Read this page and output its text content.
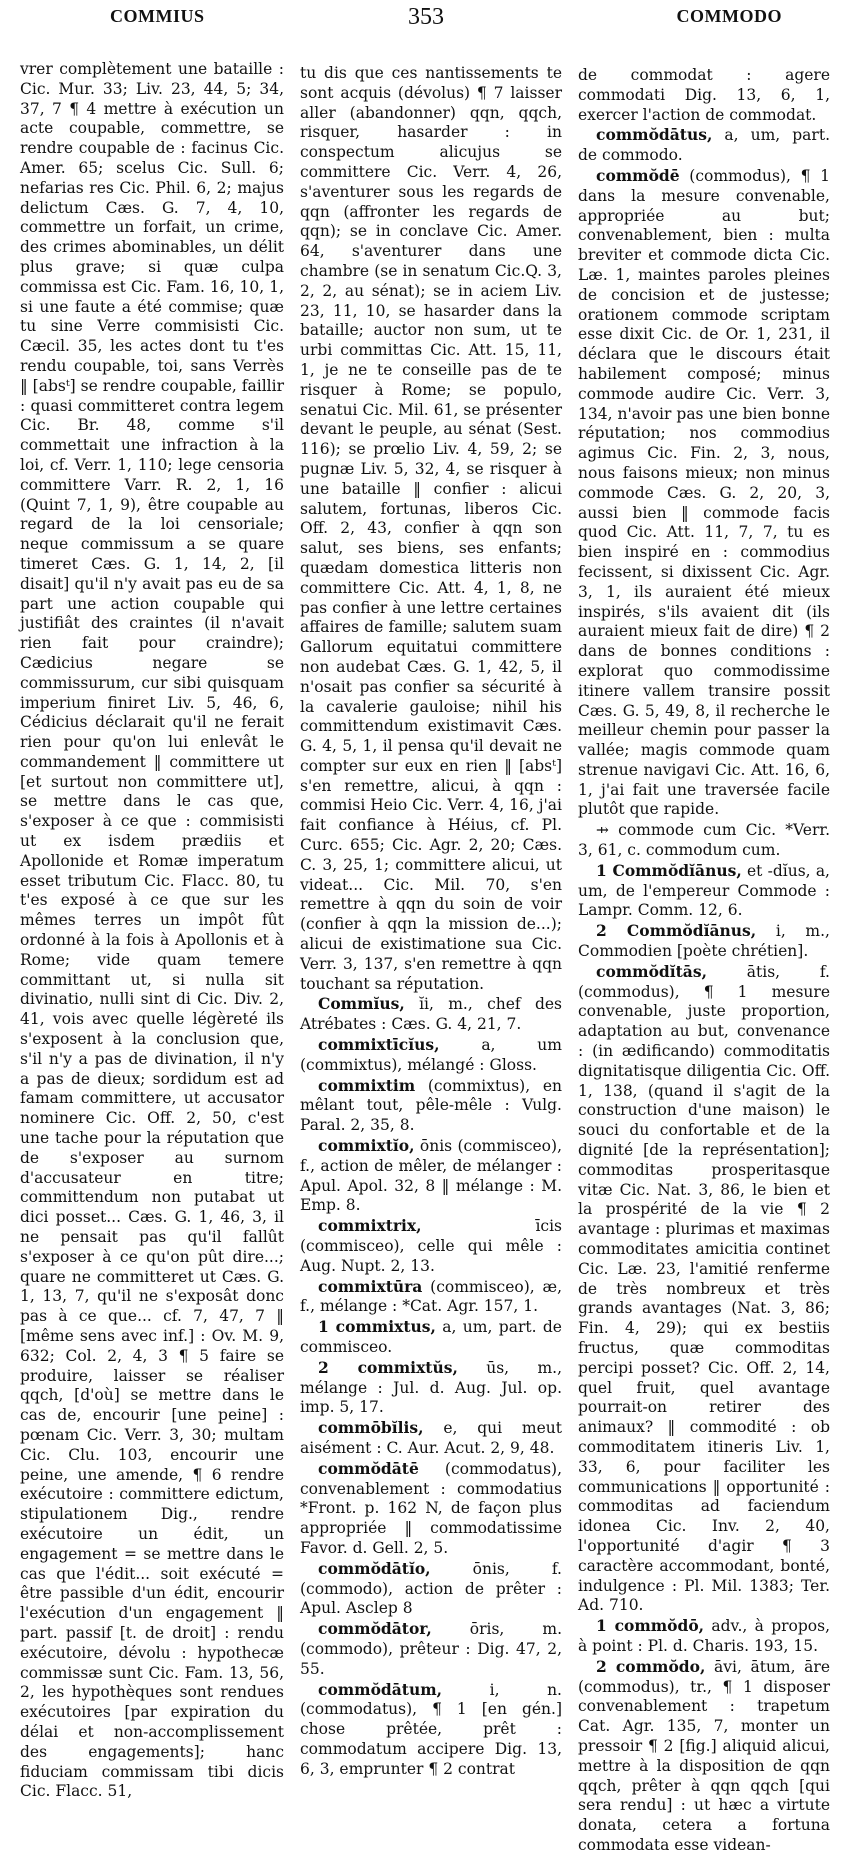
COMMIUS	353	COMMODO

vrer complètement une bataille : Cic. Mur. 33; Liv. 23, 44, 5; 34, 37, 7 ¶ 4 mettre à exécution un acte coupable, commettre, se rendre coupable de : facinus Cic. Amer. 65; scelus Cic. Sull. 6; nefarias res Cic. Phil. 6, 2; majus delictum Cæs. G. 7, 4, 10, commettre un forfait, un crime, des crimes abominables, un délit plus grave; si quæ culpa commissa est Cic. Fam. 16, 10, 1, si une faute a été commise; quæ tu sine Verre commisisti Cic. Cæcil. 35, les actes dont tu t'es rendu coupable, toi, sans Verrès ‖ [absᵗ] se rendre coupable, faillir : quasi committeret contra legem Cic. Br. 48, comme s'il commettait une infraction à la loi, cf. Verr. 1, 110; lege censoria committere Varr. R. 2, 1, 16 (Quint 7, 1, 9), être coupable au regard de la loi censoriale; neque commissum a se quare timeret Cæs. G. 1, 14, 2, [il disait] qu'il n'y avait pas eu de sa part une action coupable qui justifiât des craintes (il n'avait rien fait pour craindre); Cædicius negare se commissurum, cur sibi quisquam imperium finiret Liv. 5, 46, 6, Cédicius déclarait qu'il ne ferait rien pour qu'on lui enlevât le commandement ‖ committere ut [et surtout non committere ut], se mettre dans le cas que, s'exposer à ce que : commisisti ut ex isdem prædiis et Apollonide et Romæ imperatum esset tributum Cic. Flacc. 80, tu t'es exposé à ce que sur les mêmes terres un impôt fût ordonné à la fois à Apollonis et à Rome; vide quam temere committant ut, si nulla sit divinatio, nulli sint di Cic. Div. 2, 41, vois avec quelle légèreté ils s'exposent à la conclusion que, s'il n'y a pas de divination, il n'y a pas de dieux; sordidum est ad famam committere, ut accusator nominere Cic. Off. 2, 50, c'est une tache pour la réputation que de s'exposer au surnom d'accusateur en titre; committendum non putabat ut dici posset... Cæs. G. 1, 46, 3, il ne pensait pas qu'il fallût s'exposer à ce qu'on pût dire...; quare ne committeret ut Cæs. G. 1, 13, 7, qu'il ne s'exposât donc pas à ce que... cf. 7, 47, 7 ‖ [même sens avec inf.] : Ov. M. 9, 632; Col. 2, 4, 3 ¶ 5 faire se produire, laisser se réaliser qqch, [d'où] se mettre dans le cas de, encourir [une peine] : pœnam Cic. Verr. 3, 30; multam Cic. Clu. 103, encourir une peine, une amende, ¶ 6 rendre exécutoire : committere edictum, stipulationem Dig., rendre exécutoire un édit, un engagement = se mettre dans le cas que l'édit... soit exécuté = être passible d'un édit, encourir l'exécution d'un engagement ‖ part. passif [t. de droit] : rendu exécutoire, dévolu : hypothecæ commissæ sunt Cic. Fam. 13, 56, 2, les hypothèques sont rendues exécutoires [par expiration du délai et non-accomplissement des engagements]; hanc fiduciam commissam tibi dicis Cic. Flacc. 51,

tu dis que ces nantissements te sont acquis (dévolus) ¶ 7 laisser aller (abandonner) qqn, qqch, risquer, hasarder : in conspectum alicujus se committere Cic. Verr. 4, 26, s'aventurer sous les regards de qqn (affronter les regards de qqn); se in conclave Cic. Amer. 64, s'aventurer dans une chambre (se in senatum Cic.Q. 3, 2, 2, au sénat); se in aciem Liv. 23, 11, 10, se hasarder dans la bataille; auctor non sum, ut te urbi committas Cic. Att. 15, 11, 1, je ne te conseille pas de te risquer à Rome; se populo, senatui Cic. Mil. 61, se présenter devant le peuple, au sénat (Sest. 116); se prœlio Liv. 4, 59, 2; se pugnæ Liv. 5, 32, 4, se risquer à une bataille ‖ confier : alicui salutem, fortunas, liberos Cic. Off. 2, 43, confier à qqn son salut, ses biens, ses enfants; quædam domestica litteris non committere Cic. Att. 4, 1, 8, ne pas confier à une lettre certaines affaires de famille; salutem suam Gallorum equitatui committere non audebat Cæs. G. 1, 42, 5, il n'osait pas confier sa sécurité à la cavalerie gauloise; nihil his committendum existimavit Cæs. G. 4, 5, 1, il pensa qu'il devait ne compter sur eux en rien ‖ [absᵗ] s'en remettre, alicui, à qqn : commisi Heio Cic. Verr. 4, 16, j'ai fait confiance à Héius, cf. Pl. Curc. 655; Cic. Agr. 2, 20; Cæs. C. 3, 25, 1; committere alicui, ut videat... Cic. Mil. 70, s'en remettre à qqn du soin de voir (confier à qqn la mission de...); alicui de existimatione sua Cic. Verr. 3, 137, s'en remettre à qqn touchant sa réputation.

Commĭus, ĭi, m., chef des Atrébates : Cæs. G. 4, 21, 7.

commixtīcĭus,	a, um (commixtus), mélangé : Gloss.

commixtim (commixtus), en mêlant tout, pêle-mêle : Vulg. Paral. 2, 35, 8.

commixtĭo, ōnis (commisceo), f., action de mêler, de mélanger : Apul. Apol. 32, 8 ‖ mélange : M. Emp. 8.

commixtrix,	īcis (commisceo), celle qui mêle : Aug. Nupt. 2, 13.

commixtūra (commisceo), æ, f., mélange : *Cat. Agr. 157, 1.

1 commixtus, a, um, part. de commisceo.

2 commixtŭs, ūs, m., mélange : Jul. d. Aug. Jul. op. imp. 5, 17.

commōbĭlis, e, qui meut aisément : C. Aur. Acut. 2, 9, 48.

commŏdātē (commodatus), convenablement : commodatius *Front. p. 162 N, de façon plus appropriée ‖ commodatissime Favor. d. Gell. 2, 5.

commŏdātĭo,	ōnis, f. (commodo), action de prêter : Apul. Asclep 8

commŏdātor, ōris, m. (commodo), prêteur : Dig. 47, 2, 55.

commŏdātum,	i, n. (commodatus), ¶ 1 [en gén.] chose prêtée, prêt : commodatum accipere Dig. 13, 6, 3, emprunter ¶ 2 contrat

de commodat : agere commodati Dig. 13, 6, 1, exercer l'action de commodat.

commŏdātus, a, um, part. de commodo.

commŏdē (commodus), ¶ 1 dans la mesure convenable, appropriée au but; convenablement, bien : multa breviter et commode dicta Cic. Læ. 1, maintes paroles pleines de concision et de justesse; orationem commode scriptam esse dixit Cic. de Or. 1, 231, il déclara que le discours était habilement composé; minus commode audire Cic. Verr. 3, 134, n'avoir pas une bien bonne réputation; nos commodius agimus Cic. Fin. 2, 3, nous, nous faisons mieux; non minus commode Cæs. G. 2, 20, 3, aussi bien ‖ commode facis quod Cic. Att. 11, 7, 7, tu es bien inspiré en : commodius fecissent, si dixissent Cic. Agr. 3, 1, ils auraient été mieux inspirés, s'ils avaient dit (ils auraient mieux fait de dire) ¶ 2 dans de bonnes conditions : explorat quo commodissime itinere vallem transire possit Cæs. G. 5, 49, 8, il recherche le meilleur chemin pour passer la vallée; magis commode quam strenue navigavi Cic. Att. 16, 6, 1, j'ai fait une traversée facile plutôt que rapide.

⇸ commode cum Cic. *Verr. 3, 61, c. commodum cum.

1 Commŏdĭānus, et -dĭus, a, um, de l'empereur Commode : Lampr. Comm. 12, 6.

2 Commŏdĭānus, i, m., Commodien [poète chrétien].

commŏdĭtās,	ātis, f. (commodus), ¶ 1 mesure convenable, juste proportion, adaptation au but, convenance : (in ædificando) commoditatis dignitatisque diligentia Cic. Off. 1, 138, (quand il s'agit de la construction d'une maison) le souci du confortable et de la dignité [de la représentation]; commoditas prosperitasque vitæ Cic. Nat. 3, 86, le bien et la prospérité de la vie ¶ 2 avantage : plurimas et maximas commoditates amicitia continet Cic. Læ. 23, l'amitié renferme de très nombreux et très grands avantages (Nat. 3, 86; Fin. 4, 29); qui ex bestiis fructus, quæ commoditas percipi posset? Cic. Off. 2, 14, quel fruit, quel avantage pourrait-on retirer des animaux? ‖ commodité : ob commoditatem itineris Liv. 1, 33, 6, pour faciliter les communications ‖ opportunité : commoditas ad faciendum idonea Cic. Inv. 2, 40, l'opportunité d'agir ¶ 3 caractère accommodant, bonté, indulgence : Pl. Mil. 1383; Ter. Ad. 710.

1 commŏdō, adv., à propos, à point : Pl. d. Charis. 193, 15.

2 commŏdo, āvi, ātum, āre (commodus), tr., ¶ 1 disposer convenablement : trapetum Cat. Agr. 135, 7, monter un pressoir ¶ 2 [fig.] aliquid alicui, mettre à la disposition de qqn qqch, prêter à qqn qqch [qui sera rendu] : ut hæc a virtute donata, cetera a fortuna commodata esse videan-
